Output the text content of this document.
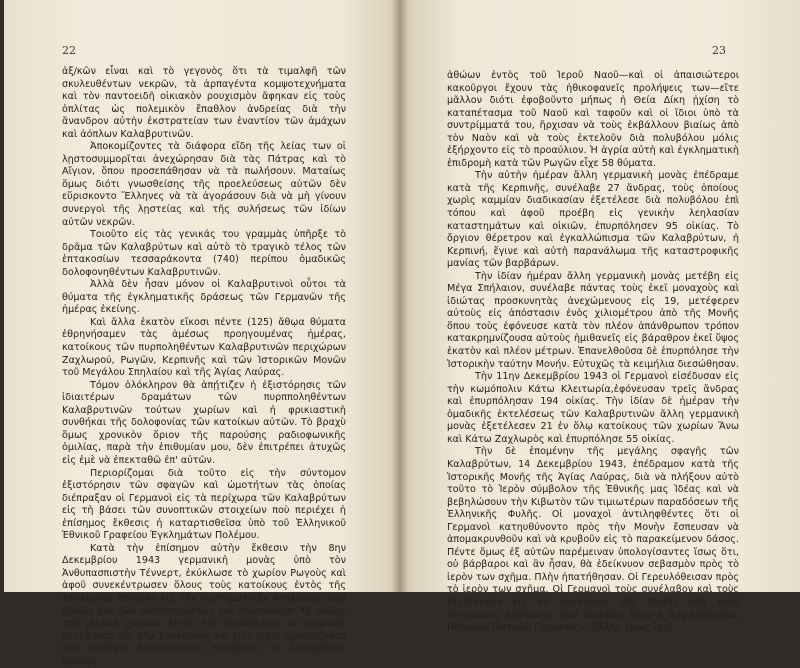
22

ἀξ/κῶν εἶναι καὶ τὸ γεγονὸς ὅτι τὰ τιμαλφῆ τῶν σκυλευθέντων νεκρῶν, τὰ ἀρπαγέντα κομψοτεχνήματα καὶ τὸν παντοειδῆ οἰκιακὸν ρουχισμὸν ἄφηκαν εἰς τοὺς ὁπλίτας ὡς πολεμικὸν ἔπαθλον ἀνδρείας διὰ τὴν ἄνανδρον αὐτὴν ἐκστρατείαν των ἐναντίον τῶν ἀμάχων καὶ ἀόπλων Καλαβρυτινῶν.

Ἀποκομίζοντες τὰ διάφορα εἴδη τῆς λείας των οἱ λῃστοσυμμορῖται ἀνεχώρησαν διὰ τὰς Πάτρας καὶ τὸ Αἴγιον, ὅπου προσεπάθησαν νὰ τὰ πωλήσουν. Ματαίως ὅμως διότι γνωσθείσης τῆς προελεύσεως αὐτῶν δὲν εὕρισκοντο Ἕλληνες νὰ τὰ ἀγοράσουν διὰ νὰ μὴ γίνουν συνεργοὶ τῆς λῃστείας καὶ τῆς συλήσεως τῶν ἰδίων αὐτῶν νεκρῶν.

Τοιοῦτο εἰς τὰς γενικάς του γραμμὰς ὑπῆρξε τὸ δρᾶμα τῶν Καλαβρύτων καὶ αὐτὸ τὸ τραγικὸ τέλος τῶν ἑπτακοσίων τεσσαράκοντα (740) περίπου ὁμαδικῶς δολοφονηθέντων Καλαβρυτινῶν.

Ἀλλὰ δὲν ἦσαν μόνον οἱ Καλαβρυτινοὶ οὗτοι τὰ θύματα τῆς ἐγκληματικῆς δράσεως τῶν Γερμανῶν τῆς ἡμέρας ἐκείνης.

Καὶ ἄλλα ἑκατὸν εἴκοσι πέντε (125) ἄθῳα θύματα ἐθρηνήσαμεν τὰς ἀμέσως προηγουμένας ἡμέρας, κατοίκους τῶν πυρποληθέντων Καλαβρυτινῶν περιχώρων Ζαχλωρού, Ρωγῶν, Κερπινῆς καὶ τῶν Ἱστορικῶν Μονῶν τοῦ Μεγάλου Σπηλαίου καὶ τῆς Ἁγίας Λαύρας.

Τόμον ὁλόκληρον θὰ ἀπῄτιζεν ἡ ἐξιστόρησις τῶν ἰδιαιτέρων δραμάτων τῶν πυρπποληθέντων Καλαβρυτινῶν τούτων χωρίων καὶ ἡ φρικιαστικὴ συνθήκαι τῆς δολοφονίας τῶν κατοίκων αὐτῶν. Τὸ βραχὺ ὅμως χρονικὸν ὅριον τῆς παρούσης ραδιοφωνικῆς ὁμιλίας, παρὰ τὴν ἐπιθυμίαν μου, δὲν ἐπιτρέπει ἀτυχῶς εἰς ἐμὲ νὰ ἐπεκταθῶ ἐπ' αὐτῶν.

Περιορίζομαι διὰ τοῦτο εἰς τὴν σύντομον ἐξιστόρησιν τῶν σφαγῶν καὶ ὠμοτήτων τὰς ὁποίας διέπραξαν οἱ Γερμανοὶ εἰς τὰ περίχωρα τῶν Καλαβρύτων εἰς τὴ βάσει τῶν συνοπτικῶν στοιχείων ποὺ περιέχει ἡ ἐπίσημος ἔκθεσις ἡ καταρτισθεῖσα ὑπὸ τοῦ Ἑλληνικοῦ Ἐθνικοῦ Γραφείου Ἐγκλημάτων Πολέμου.

Κατὰ τὴν ἐπίσημον αὐτὴν ἔκθεσιν τὴν 8ην Δεκεμβρίου 1943 γερμανικὴ μονὰς ὑπὸ τὸν Ἀνθυπασπιστὴν Τέννερτ, ἐκύκλωσε τὸ χωρίον Ρωγοὺς καὶ ἀφοῦ συνεκέντρωσεν ὅλους τοὺς κατοίκους ἐντὸς τῆς Ἐκκλησίας ἐπεδόθη εἰς τὴν συστηματικὴν λεηλασίαν τῶν οἰκιῶν καὶ τῶν καταστημάτων καὶ ἐπυρπόλησε 45 οἰκίας τοῦ μικροῦ χωρίου. Μετὰ τὴν πυρπόλησιν οἱ Γερμανοὶ μετέβησαν εἰς τὴν Ἐκκλησίαν καὶ εἴτε διότι ἠμποδίζοντο ἀπὸ αἴσθημα θρησκευτικῆς εὐλαβείας νὰ διαπράξουν φόνους

23

ἀθώων ἐντὸς τοῦ Ἱεροῦ Ναοῦ—καὶ οἱ ἀπαισιώτεροι κακοῦργοι ἔχουν τὰς ἠθικοφανεῖς προλήψεις των—εἴτε μᾶλλον διότι ἐφοβοῦντο μήπως ἡ Θεία Δίκη ᾐχίση τὸ καταπέτασμα τοῦ Ναοῦ καὶ ταφοῦν καὶ οἱ ἴδιοι ὑπὸ τὰ συντρίμματά του, ἤρχισαν νὰ τοὺς ἐκβάλλουν βιαίως ἀπὸ τὸν Ναὸν καὶ νὰ τοὺς ἐκτελοῦν διὰ πολυβόλου μόλις ἐξήρχοντο εἰς τὸ προαύλιον. Ἡ ἀγρία αὐτὴ καὶ ἐγκληματικὴ ἐπιδρομὴ κατὰ τῶν Ρωγῶν εἶχε 58 θύματα.

Τὴν αὐτὴν ἡμέραν ἄλλη γερμανικὴ μονὰς ἐπέδραμε κατὰ τῆς Κερπινῆς, συνέλαβε 27 ἄνδρας, τοὺς ὁποίους χωρὶς καμμίαν διαδικασίαν ἐξετέλεσε διὰ πολυβόλου ἐπὶ τόπου καὶ ἀφοῦ προέβη εἰς γενικὴν λεηλασίαν καταστημάτων καὶ οἰκιῶν, ἐπυρπόλησεν 95 οἰκίας. Τὸ ὄργιον θέρετρον καὶ ἐγκαλλώπισμα τῶν Καλαβρύτων, ἡ Κερπινή, ἔγινε καὶ αὐτὴ παρανάλωμα τῆς καταστροφικῆς μανίας τῶν βαρβάρων.

Τὴν ἰδίαν ἡμέραν ἄλλη γερμανικὴ μονὰς μετέβη εἰς Μέγα Σπήλαιον, συνέλαβε πάντας τοὺς ἐκεῖ μοναχοὺς καὶ ἰδιώτας προσκυνητὰς ἀνεχώμενους εἰς 19, μετέφερεν αὐτοὺς εἰς ἀπόστασιν ἐνὸς χιλιομέτρου ἀπὸ τῆς Μονῆς ὅπου τοὺς ἐφόνευσε κατὰ τὸν πλέον ἀπάνθρωπον τρόπον κατακρημνίζουσα αὐτοὺς ἡμιθανεῖς εἰς βάραθρον ἐκεῖ ὕψος ἑκατὸν καὶ πλέον μέτρων. Ἐπανελθοῦσα δὲ ἐπυρπόλησε τὴν Ἱστορικὴν ταύτην Μονήν. Εὐτυχῶς τὰ κειμήλια διεσώθησαν.

Τὴν 11ην Δεκεμβρίου 1943 οἱ Γερμανοὶ εἰσέδυσαν εἰς τὴν κωμόπολιν Κάτω Κλειτωρία,ἐφόνευσαν τρεῖς ἄνδρας καὶ ἐπυρπόλησαν 194 οἰκίας. Τὴν ἰδίαν δὲ ἡμέραν τὴν ὁμαδικῆς ἐκτελέσεως τῶν Καλαβρυτινῶν ἄλλη γερμανικὴ μονὰς ἐξετέλεσεν 21 ἐν ὅλῳ κατοίκους τῶν χωρίων Ἄνω καὶ Κάτω Ζαχλωρὸς καὶ ἐπυρπόλησε 55 οἰκίας.

Τὴν δὲ ἐπομένην τῆς μεγάλης σφαγῆς τῶν Καλαβρύτων, 14 Δεκεμβρίου 1943, ἐπέδραμον κατὰ τῆς Ἱστορικῆς Μονῆς τῆς Ἁγίας Λαύρας, διὰ νὰ πλήξουν αὐτὸ τοῦτο τὸ Ἱερὸν σύμβολον τῆς Ἐθνικῆς μας Ἰδέας καὶ νὰ βεβηλώσουν τὴν Κιβωτὸν τῶν τιμιωτέρων παραδόσεων τῆς Ἑλληνικῆς Φυλῆς. Οἱ μοναχοὶ ἀντιληφθέντες ὅτι οἱ Γερμανοὶ κατηυθύνοντο πρὸς τὴν Μονὴν ἔσπευσαν νὰ ἀπομακρυνθοῦν καὶ νὰ κρυβοῦν εἰς τὸ παρακείμενον δάσος. Πέντε ὅμως ἐξ αὐτῶν παρέμειναν ὑπολογίσαντες ἴσως ὅτι, οὐ βάρβαροι καὶ ἂν ἦσαν, θὰ ἐδείκνυον σεβασμὸν πρὸς τὸ ἱερὸν των σχῆμα. Πλὴν ἠπατήθησαν. Οἱ Γερευλόθεισαν πρὸς τὸ ἱερὸν των σχῆμα. Οἱ Γερμανοὶ τοὺς συνέλαβον καὶ τοὺς ἐξετέλεσαν εἰς τὸ προαύλιον τῆς Μονῆς ὑπὸ τοὺς Ἱστορικοὺς πλάτανον, ἐκεῖ ἀκριβῶς ὅπου ὁ Ἀρχιεπίσκοπος Παλαιῶν Πατρῶν Γερμανὸς—Ἕλλην ὅμως ἐκεῖ-
